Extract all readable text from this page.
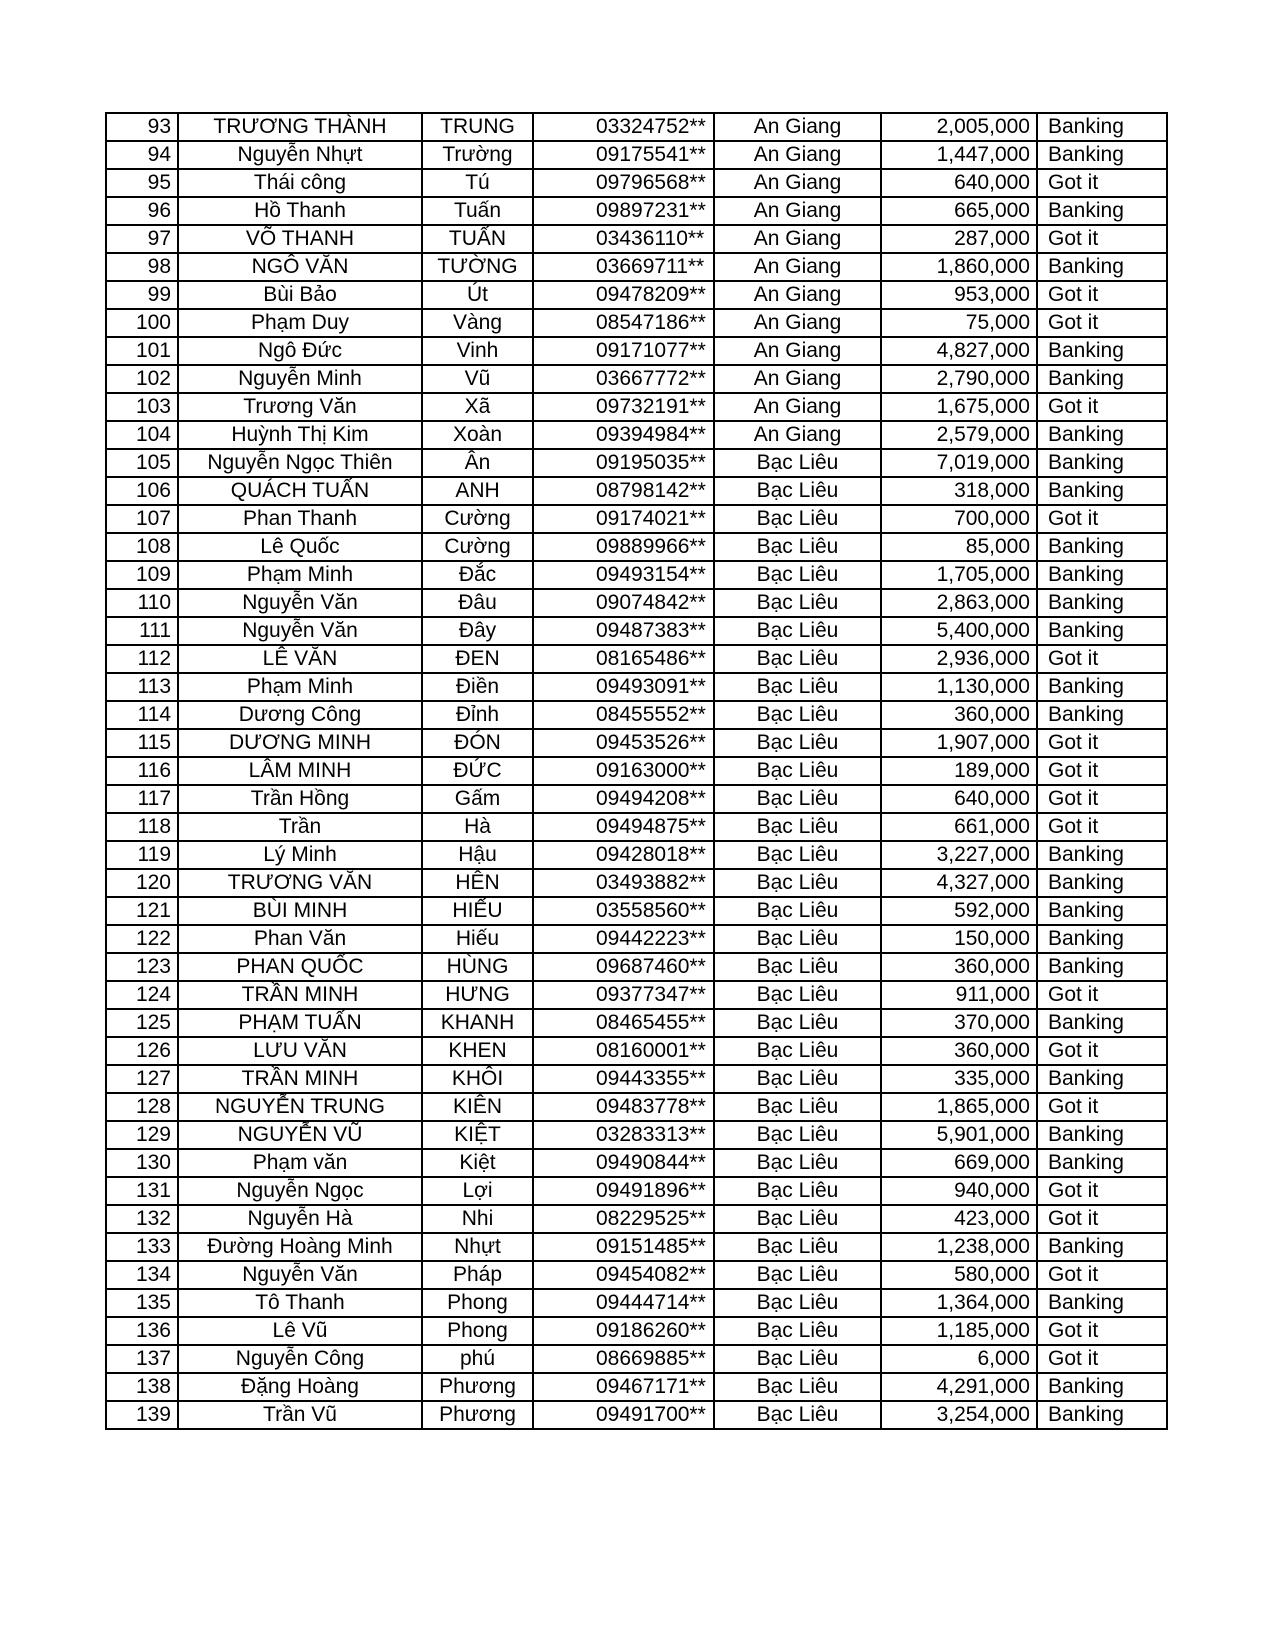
93	TRƯƠNG THÀNH	TRUNG	03324752**	An Giang	2,005,000	Banking
94	Nguyễn Nhựt	Trường	09175541**	An Giang	1,447,000	Banking
95	Thái công	Tú	09796568**	An Giang	640,000	Got it
96	Hồ Thanh	Tuấn	09897231**	An Giang	665,000	Banking
97	VÕ THANH	TUẤN	03436110**	An Giang	287,000	Got it
98	NGÔ VĂN	TƯỜNG	03669711**	An Giang	1,860,000	Banking
99	Bùi Bảo	Út	09478209**	An Giang	953,000	Got it
100	Phạm Duy	Vàng	08547186**	An Giang	75,000	Got it
101	Ngô Đức	Vinh	09171077**	An Giang	4,827,000	Banking
102	Nguyễn Minh	Vũ	03667772**	An Giang	2,790,000	Banking
103	Trương Văn	Xã	09732191**	An Giang	1,675,000	Got it
104	Huỳnh Thị Kim	Xoàn	09394984**	An Giang	2,579,000	Banking
105	Nguyễn Ngọc Thiên	Ân	09195035**	Bạc Liêu	7,019,000	Banking
106	QUÁCH TUẤN	ANH	08798142**	Bạc Liêu	318,000	Banking
107	Phan Thanh	Cường	09174021**	Bạc Liêu	700,000	Got it
108	Lê Quốc	Cường	09889966**	Bạc Liêu	85,000	Banking
109	Phạm Minh	Đắc	09493154**	Bạc Liêu	1,705,000	Banking
110	Nguyễn Văn	Đâu	09074842**	Bạc Liêu	2,863,000	Banking
111	Nguyễn Văn	Đây	09487383**	Bạc Liêu	5,400,000	Banking
112	LÊ VĂN	ĐEN	08165486**	Bạc Liêu	2,936,000	Got it
113	Phạm Minh	Điền	09493091**	Bạc Liêu	1,130,000	Banking
114	Dương Công	Đỉnh	08455552**	Bạc Liêu	360,000	Banking
115	DƯƠNG MINH	ĐÓN	09453526**	Bạc Liêu	1,907,000	Got it
116	LÂM MINH	ĐỨC	09163000**	Bạc Liêu	189,000	Got it
117	Trần Hồng	Gấm	09494208**	Bạc Liêu	640,000	Got it
118	Trần	Hà	09494875**	Bạc Liêu	661,000	Got it
119	Lý Minh	Hậu	09428018**	Bạc Liêu	3,227,000	Banking
120	TRƯƠNG VĂN	HÊN	03493882**	Bạc Liêu	4,327,000	Banking
121	BÙI MINH	HIẾU	03558560**	Bạc Liêu	592,000	Banking
122	Phan Văn	Hiếu	09442223**	Bạc Liêu	150,000	Banking
123	PHAN QUỐC	HÙNG	09687460**	Bạc Liêu	360,000	Banking
124	TRẦN MINH	HƯNG	09377347**	Bạc Liêu	911,000	Got it
125	PHẠM TUẤN	KHANH	08465455**	Bạc Liêu	370,000	Banking
126	LƯU VĂN	KHEN	08160001**	Bạc Liêu	360,000	Got it
127	TRẦN MINH	KHÔI	09443355**	Bạc Liêu	335,000	Banking
128	NGUYỄN TRUNG	KIÊN	09483778**	Bạc Liêu	1,865,000	Got it
129	NGUYỄN VŨ	KIỆT	03283313**	Bạc Liêu	5,901,000	Banking
130	Phạm văn	Kiệt	09490844**	Bạc Liêu	669,000	Banking
131	Nguyễn Ngọc	Lợi	09491896**	Bạc Liêu	940,000	Got it
132	Nguyễn Hà	Nhi	08229525**	Bạc Liêu	423,000	Got it
133	Đường Hoàng Minh	Nhựt	09151485**	Bạc Liêu	1,238,000	Banking
134	Nguyễn Văn	Pháp	09454082**	Bạc Liêu	580,000	Got it
135	Tô Thanh	Phong	09444714**	Bạc Liêu	1,364,000	Banking
136	Lê Vũ	Phong	09186260**	Bạc Liêu	1,185,000	Got it
137	Nguyễn Công	phú	08669885**	Bạc Liêu	6,000	Got it
138	Đặng Hoàng	Phương	09467171**	Bạc Liêu	4,291,000	Banking
139	Trần Vũ	Phương	09491700**	Bạc Liêu	3,254,000	Banking
